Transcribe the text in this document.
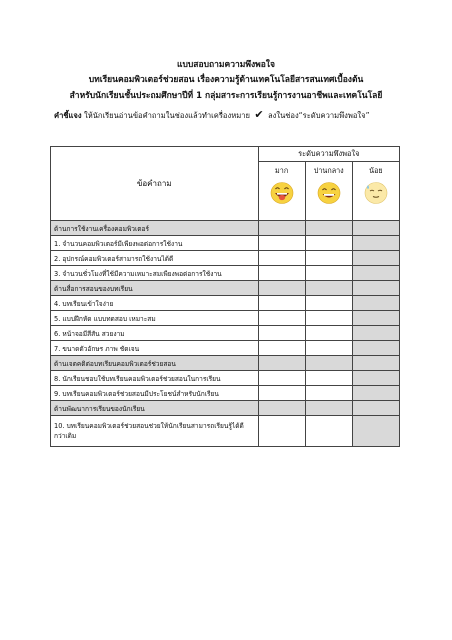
แบบสอบถามความพึงพอใจ
บทเรียนคอมพิวเตอร์ช่วยสอน เรื่องความรู้ด้านเทคโนโลยีสารสนเทศเบื้องต้น
สำหรับนักเรียนชั้นประถมศึกษาปีที่ 1 กลุ่มสาระการเรียนรู้การงานอาชีพและเทคโนโลยี
คำชี้แจง ให้นักเรียนอ่านข้อคำถามในช่องแล้วทำเครื่องหมาย ✔ ลงในช่อง“ระดับความพึงพอใจ”
ข้อคำถาม	ระดับความพึงพอใจ		
	มาก	ปานกลาง	น้อย

ด้านการใช้งานเครื่องคอมพิวเตอร์			
1. จำนวนคอมพิวเตอร์มีเพียงพอต่อการใช้งาน			
2. อุปกรณ์คอมพิวเตอร์สามารถใช้งานได้ดี			
3. จำนวนชั่วโมงที่ใช้มีความเหมาะสมเพียงพอต่อการใช้งาน			
ด้านสื่อการสอนของบทเรียน			
4. บทเรียนเข้าใจง่าย			
5. แบบฝึกหัด แบบทดสอบ เหมาะสม			
6. หน้าจอมีสีสัน สวยงาม			
7. ขนาดตัวอักษร ภาพ ชัดเจน			
ด้านเจตคติต่อบทเรียนคอมพิวเตอร์ช่วยสอน			
8. นักเรียนชอบใช้บทเรียนคอมพิวเตอร์ช่วยสอนในการเรียน			
9. บทเรียนคอมพิวเตอร์ช่วยสอนมีประโยชน์สำหรับนักเรียน			
ด้านพัฒนาการเรียนของนักเรียน			
10. บทเรียนคอมพิวเตอร์ช่วยสอนช่วยให้นักเรียนสามารถเรียนรู้ได้ดีกว่าเดิม			
